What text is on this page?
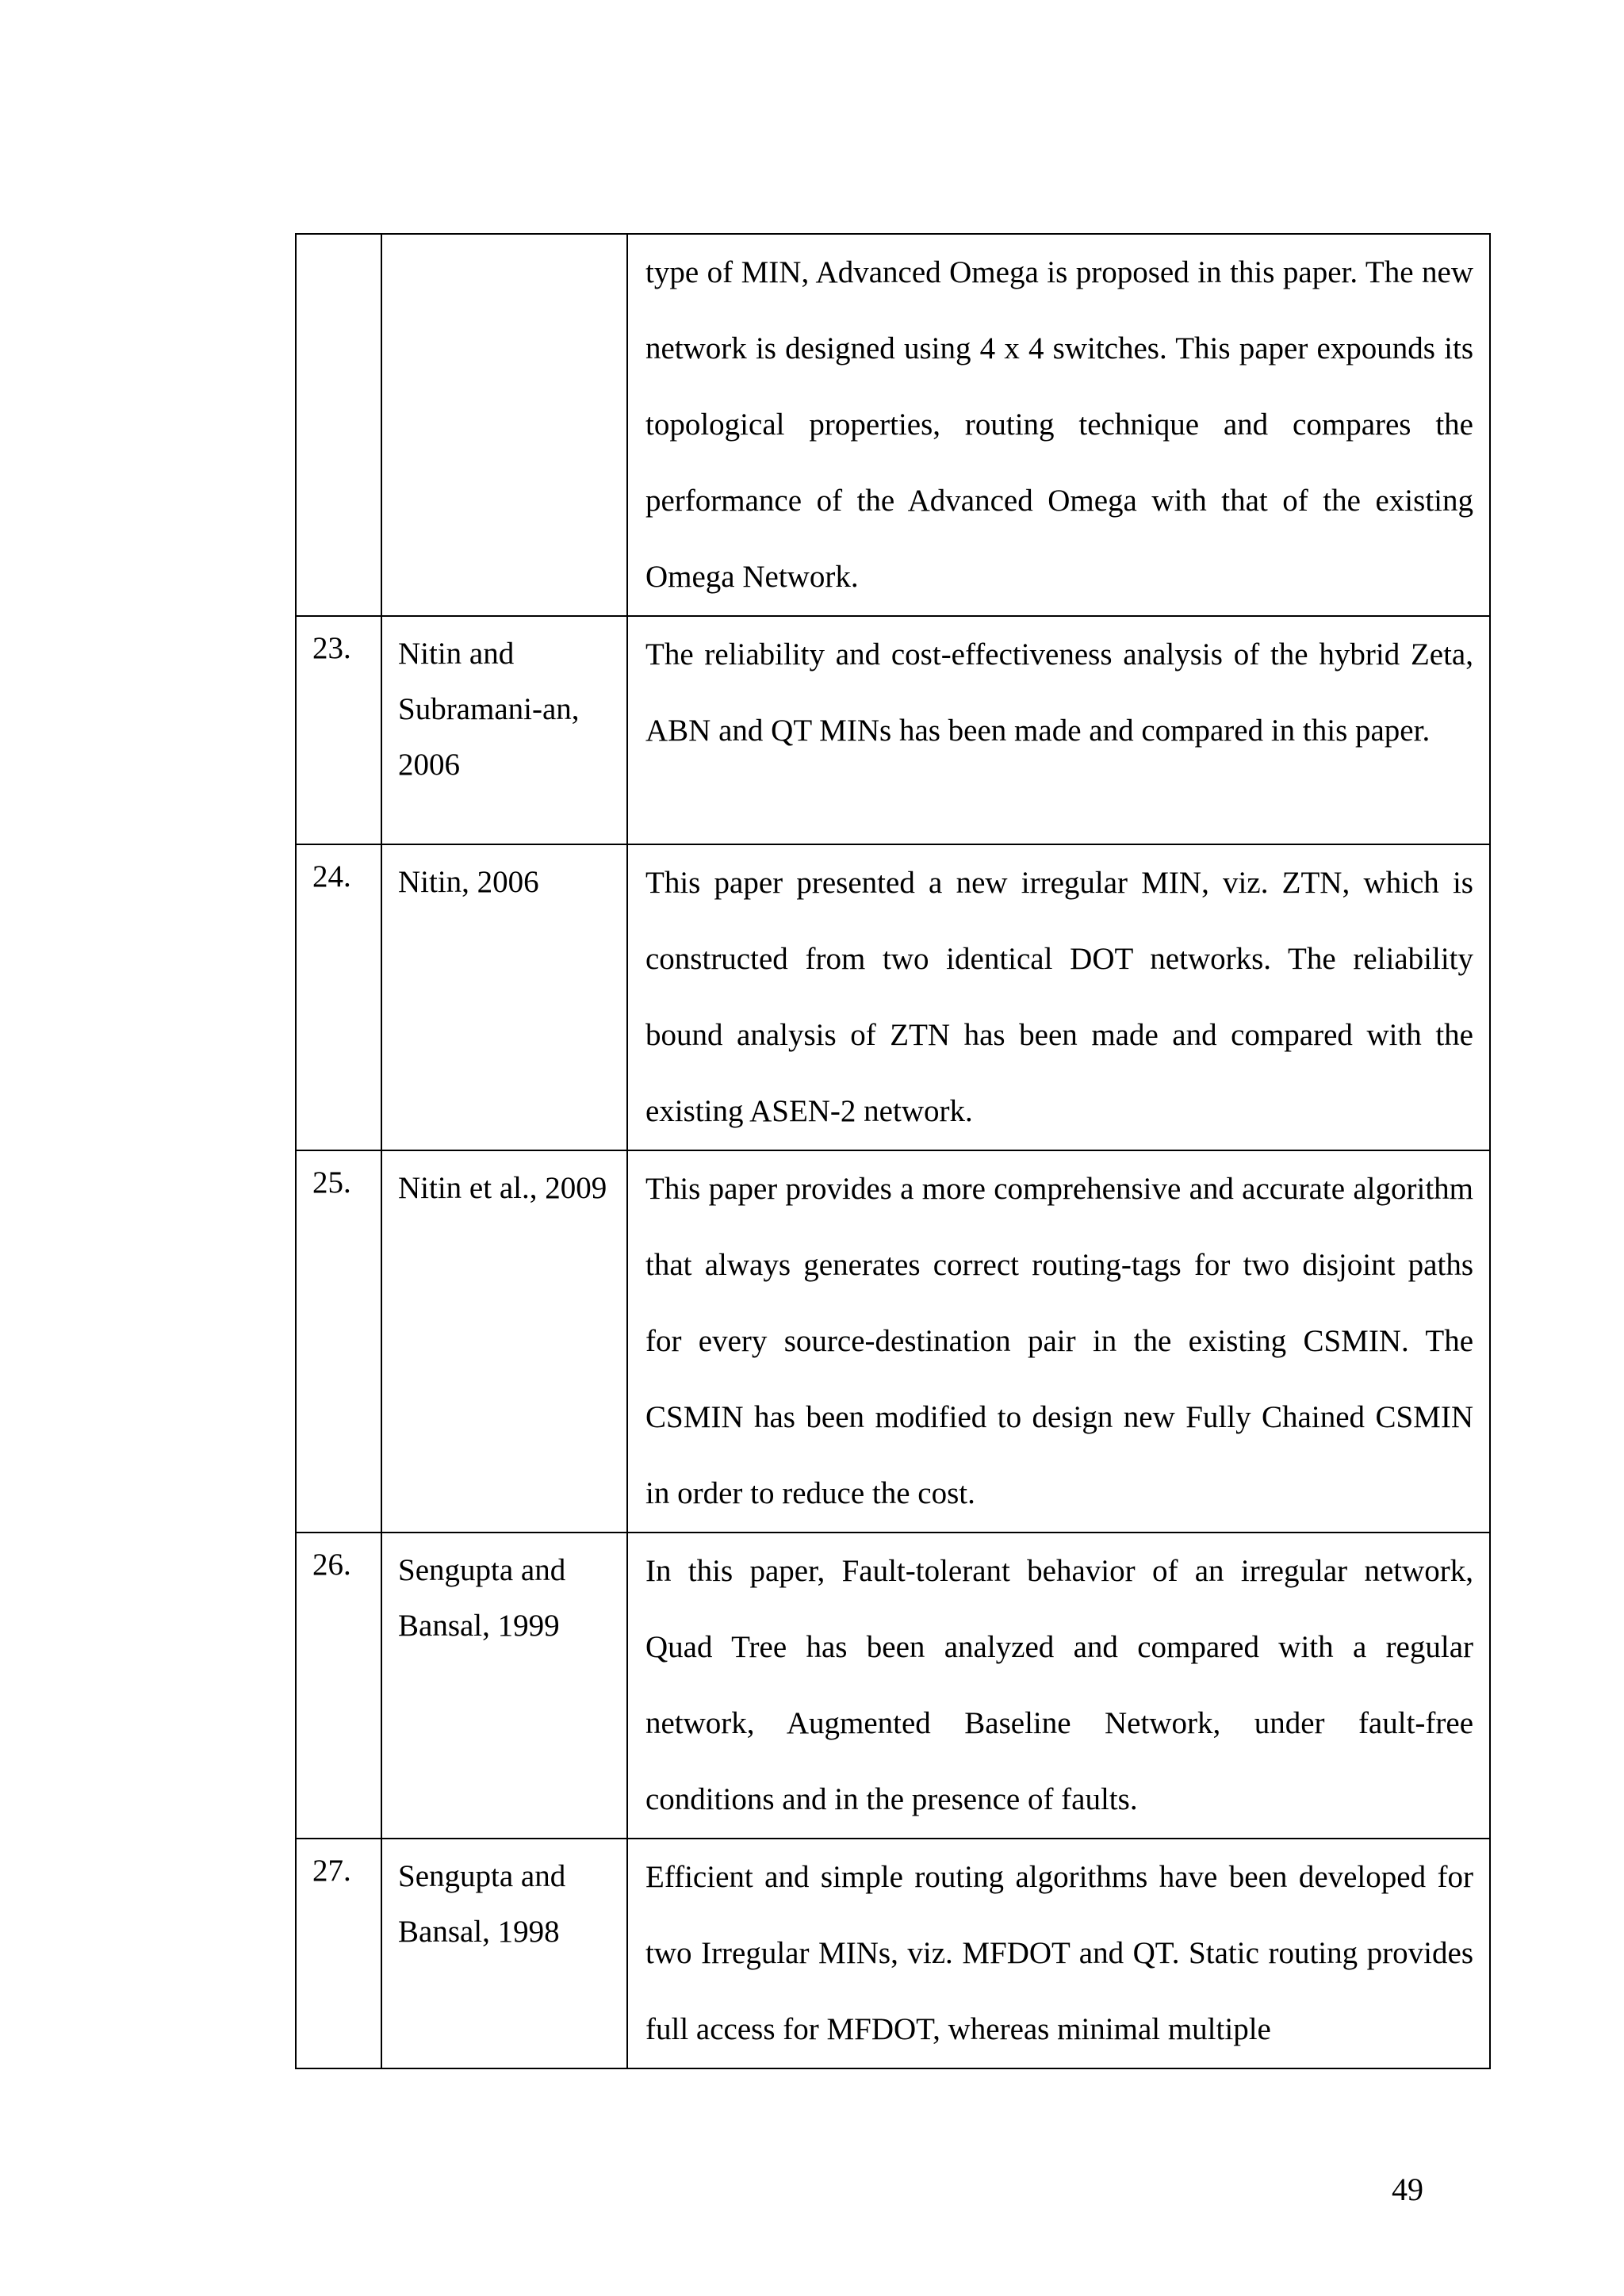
		type of MIN, Advanced Omega is proposed in this paper. The new network is designed using 4 x 4 switches. This paper expounds its topological properties, routing technique and compares the performance of the Advanced Omega with that of the existing Omega Network.
23.	Nitin and Subramani-an, 2006	The reliability and cost-effectiveness analysis of the hybrid Zeta, ABN and QT MINs has been made and compared in this paper.
24.	Nitin, 2006	This paper presented a new irregular MIN, viz. ZTN, which is constructed from two identical DOT networks. The reliability bound analysis of ZTN has been made and compared with the existing ASEN-2 network.
25.	Nitin et al., 2009	This paper provides a more comprehensive and accurate algorithm that always generates correct routing-tags for two disjoint paths for every source-destination pair in the existing CSMIN. The CSMIN has been modified to design new Fully Chained CSMIN in order to reduce the cost.
26.	Sengupta and Bansal, 1999	In this paper, Fault-tolerant behavior of an irregular network, Quad Tree has been analyzed and compared with a regular network, Augmented Baseline Network, under fault-free conditions and in the presence of faults.
27.	Sengupta and Bansal, 1998	Efficient and simple routing algorithms have been developed for two Irregular MINs, viz. MFDOT and QT. Static routing provides full access for MFDOT, whereas minimal multiple
49
